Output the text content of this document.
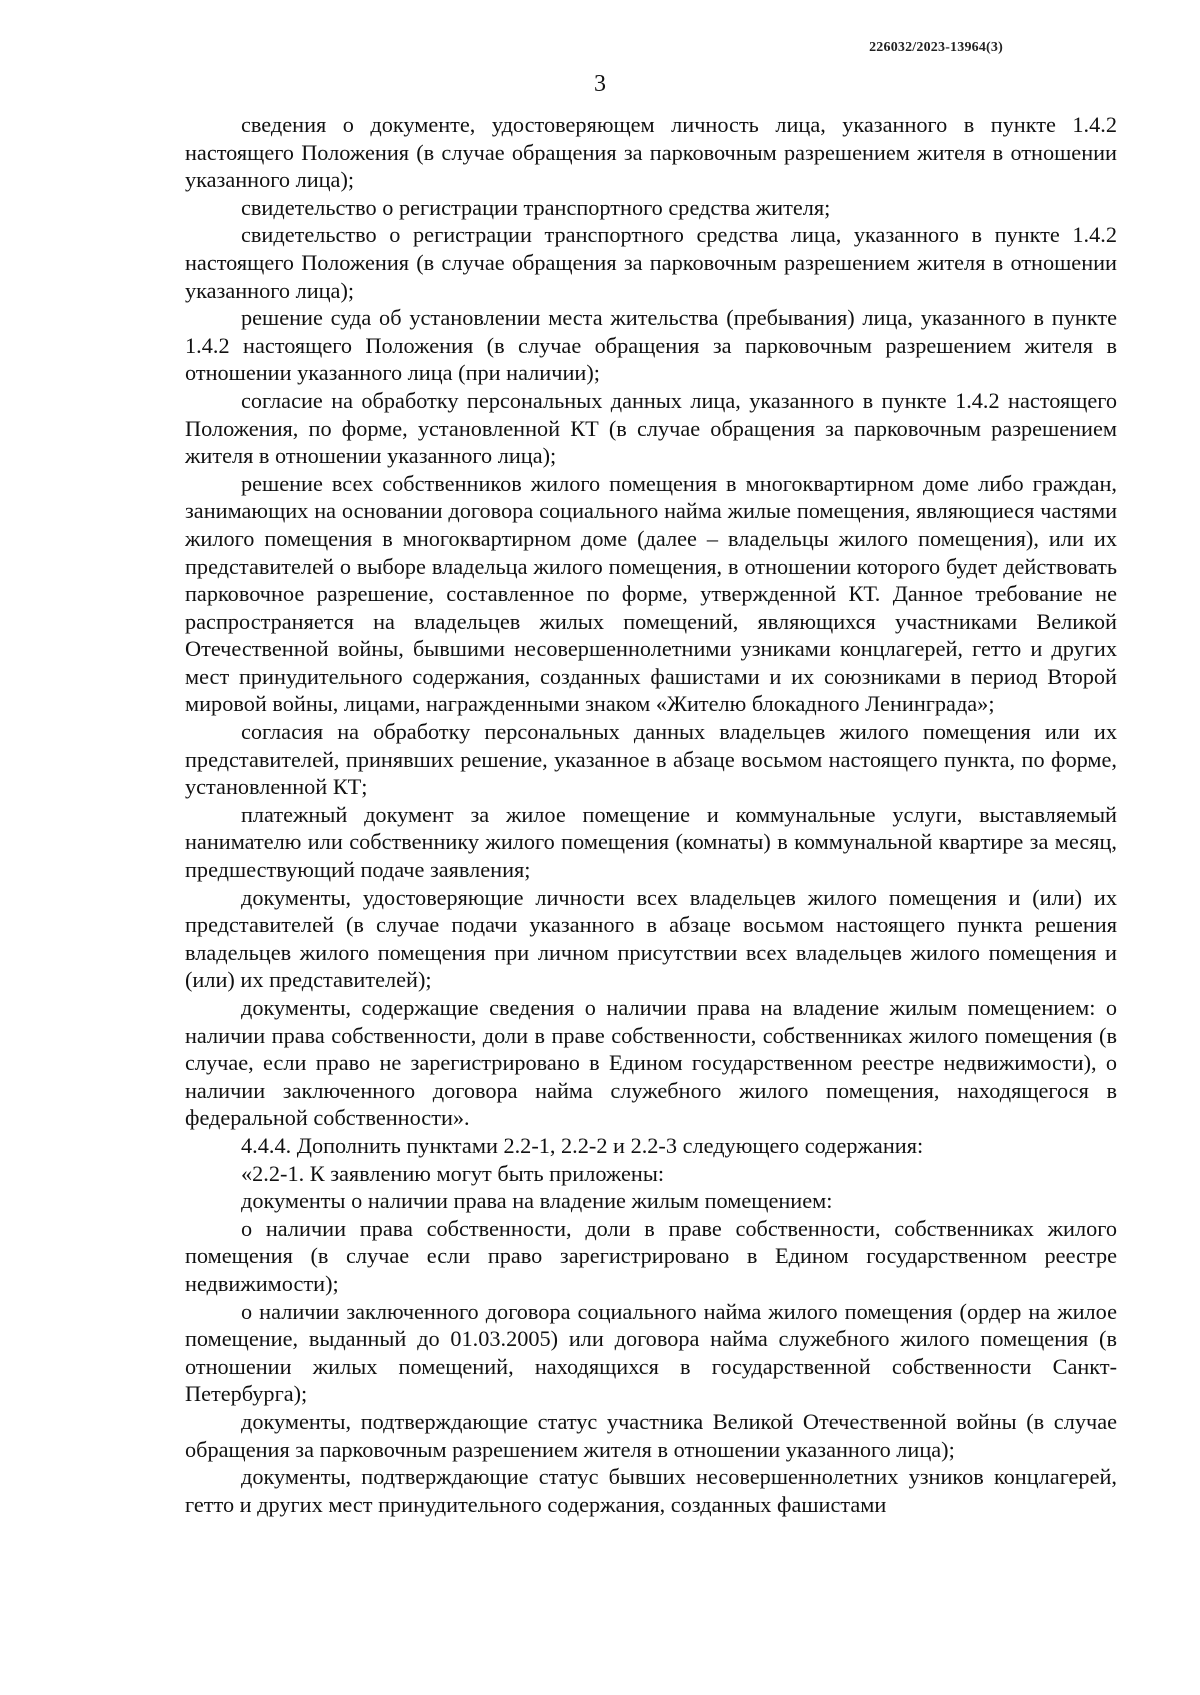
226032/2023-13964(3)
3

сведения о документе, удостоверяющем личность лица, указанного в пункте 1.4.2 настоящего Положения (в случае обращения за парковочным разрешением жителя в отношении указанного лица);

свидетельство о регистрации транспортного средства жителя;

свидетельство о регистрации транспортного средства лица, указанного в пункте 1.4.2 настоящего Положения (в случае обращения за парковочным разрешением жителя в отношении указанного лица);

решение суда об установлении места жительства (пребывания) лица, указанного в пункте 1.4.2 настоящего Положения (в случае обращения за парковочным разрешением жителя в отношении указанного лица (при наличии);

согласие на обработку персональных данных лица, указанного в пункте 1.4.2 настоящего Положения, по форме, установленной КТ (в случае обращения за парковочным разрешением жителя в отношении указанного лица);

решение всех собственников жилого помещения в многоквартирном доме либо граждан, занимающих на основании договора социального найма жилые помещения, являющиеся частями жилого помещения в многоквартирном доме (далее – владельцы жилого помещения), или их представителей о выборе владельца жилого помещения, в отношении которого будет действовать парковочное разрешение, составленное по форме, утвержденной КТ. Данное требование не распространяется на владельцев жилых помещений, являющихся участниками Великой Отечественной войны, бывшими несовершеннолетними узниками концлагерей, гетто и других мест принудительного содержания, созданных фашистами и их союзниками в период Второй мировой войны, лицами, награжденными знаком «Жителю блокадного Ленинграда»;

согласия на обработку персональных данных владельцев жилого помещения или их представителей, принявших решение, указанное в абзаце восьмом настоящего пункта, по форме, установленной КТ;

платежный документ за жилое помещение и коммунальные услуги, выставляемый нанимателю или собственнику жилого помещения (комнаты) в коммунальной квартире за месяц, предшествующий подаче заявления;

документы, удостоверяющие личности всех владельцев жилого помещения и (или) их представителей (в случае подачи указанного в абзаце восьмом настоящего пункта решения владельцев жилого помещения при личном присутствии всех владельцев жилого помещения и (или) их представителей);

документы, содержащие сведения о наличии права на владение жилым помещением: о наличии права собственности, доли в праве собственности, собственниках жилого помещения (в случае, если право не зарегистрировано в Едином государственном реестре недвижимости), о наличии заключенного договора найма служебного жилого помещения, находящегося в федеральной собственности».

4.4.4. Дополнить пунктами 2.2-1, 2.2-2 и 2.2-3 следующего содержания:

«2.2-1. К заявлению могут быть приложены:

документы о наличии права на владение жилым помещением:

о наличии права собственности, доли в праве собственности, собственниках жилого помещения (в случае если право зарегистрировано в Едином государственном реестре недвижимости);

о наличии заключенного договора социального найма жилого помещения (ордер на жилое помещение, выданный до 01.03.2005) или договора найма служебного жилого помещения (в отношении жилых помещений, находящихся в государственной собственности Санкт-Петербурга);

документы, подтверждающие статус участника Великой Отечественной войны (в случае обращения за парковочным разрешением жителя в отношении указанного лица);

документы, подтверждающие статус бывших несовершеннолетних узников концлагерей, гетто и других мест принудительного содержания, созданных фашистами
